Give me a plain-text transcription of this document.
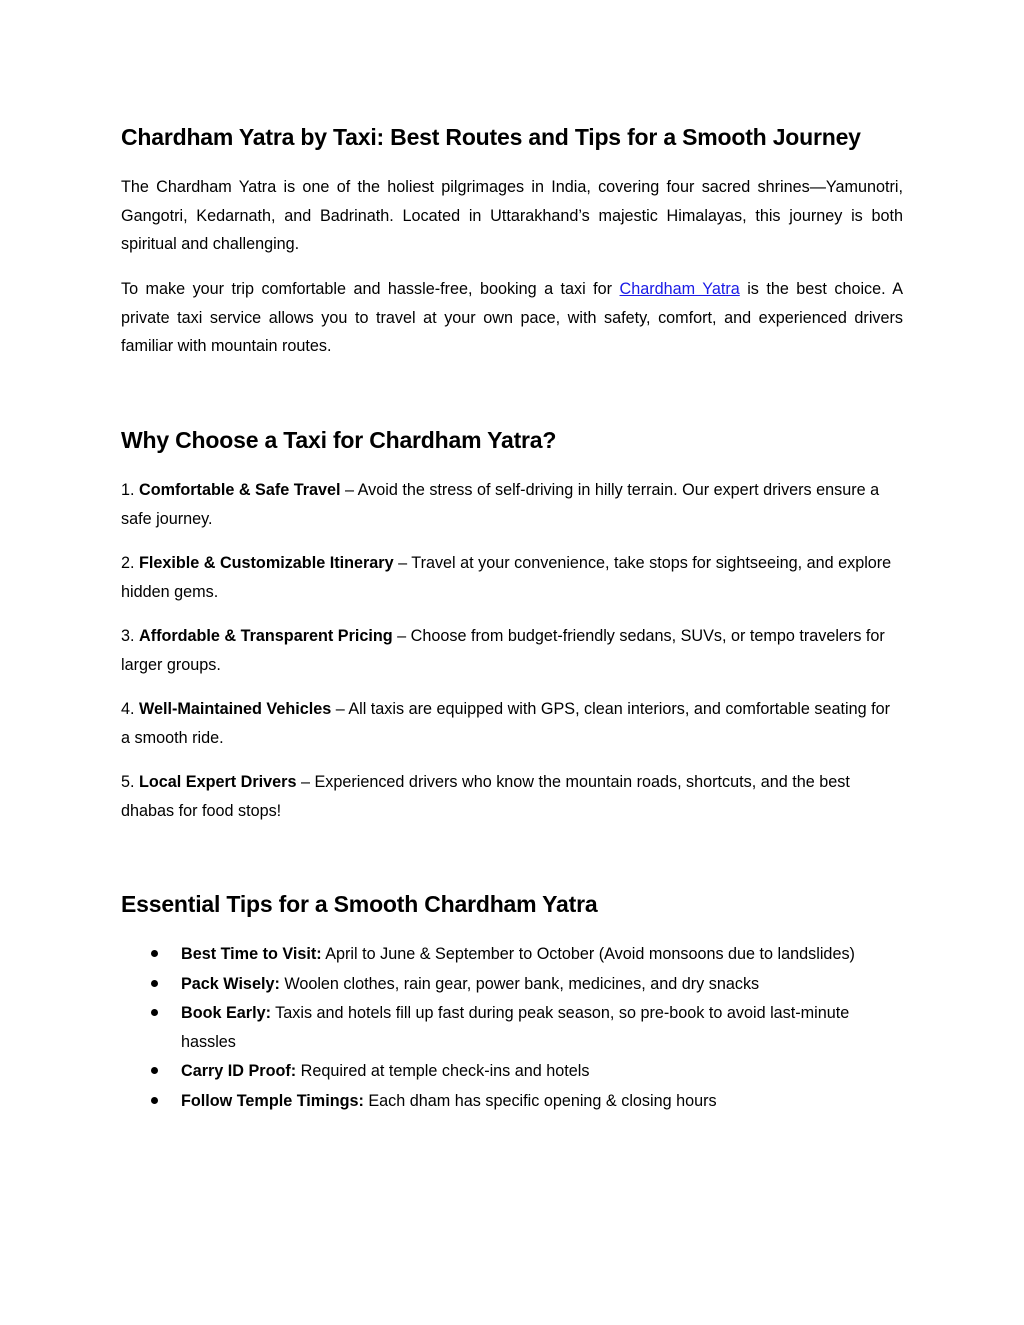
Chardham Yatra by Taxi: Best Routes and Tips for a Smooth Journey

The Chardham Yatra is one of the holiest pilgrimages in India, covering four sacred shrines—Yamunotri, Gangotri, Kedarnath, and Badrinath. Located in Uttarakhand’s majestic Himalayas, this journey is both spiritual and challenging.

To make your trip comfortable and hassle-free, booking a taxi for Chardham Yatra is the best choice. A private taxi service allows you to travel at your own pace, with safety, comfort, and experienced drivers familiar with mountain routes.

Why Choose a Taxi for Chardham Yatra?

1. Comfortable & Safe Travel – Avoid the stress of self-driving in hilly terrain. Our expert drivers ensure a safe journey.

2. Flexible & Customizable Itinerary – Travel at your convenience, take stops for sightseeing, and explore hidden gems.

3. Affordable & Transparent Pricing – Choose from budget-friendly sedans, SUVs, or tempo travelers for larger groups.

4. Well-Maintained Vehicles – All taxis are equipped with GPS, clean interiors, and comfortable seating for a smooth ride.

5. Local Expert Drivers – Experienced drivers who know the mountain roads, shortcuts, and the best dhabas for food stops!

Essential Tips for a Smooth Chardham Yatra
Best Time to Visit: April to June & September to October (Avoid monsoons due to landslides)
Pack Wisely: Woolen clothes, rain gear, power bank, medicines, and dry snacks
Book Early: Taxis and hotels fill up fast during peak season, so pre-book to avoid last-minute hassles
Carry ID Proof: Required at temple check-ins and hotels
Follow Temple Timings: Each dham has specific opening & closing hours
